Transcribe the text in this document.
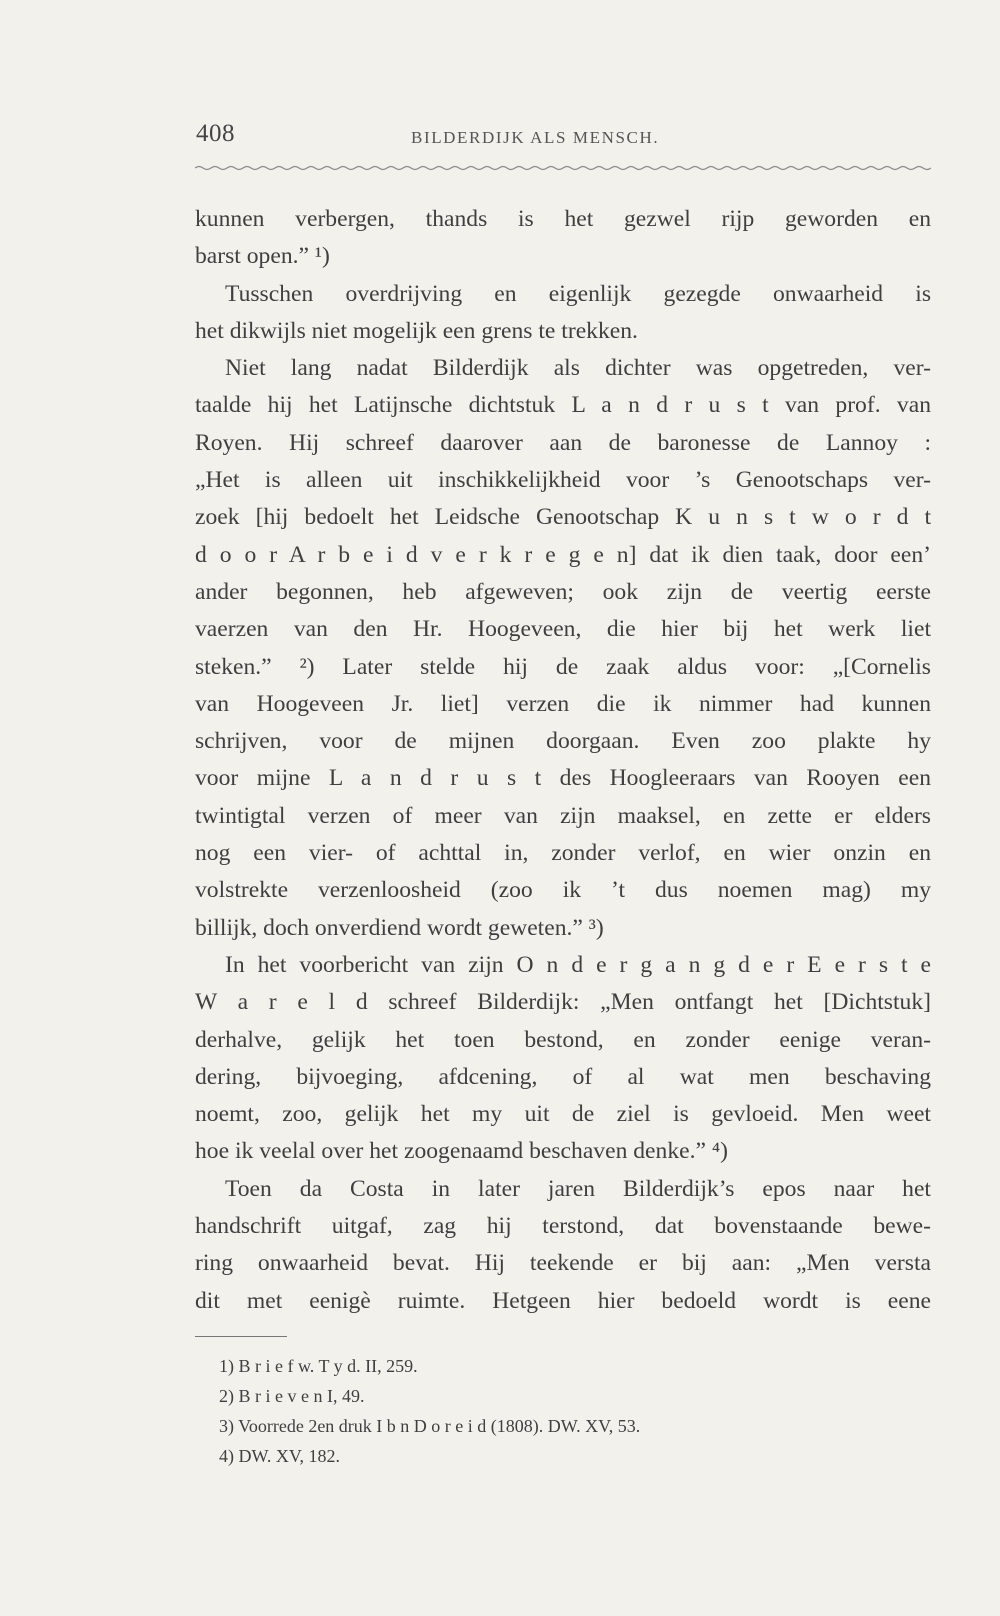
408	BILDERDIJK ALS MENSCH.
kunnen verbergen, thands is het gezwel rijp geworden en
barst open.” ¹)
Tusschen overdrijving en eigenlijk gezegde onwaarheid is
het dikwijls niet mogelijk een grens te trekken.
Niet lang nadat Bilderdijk als dichter was opgetreden, ver-
taalde hij het Latijnsche dichtstuk L a n d r u s t van prof. van
Royen. Hij schreef daarover aan de baronesse de Lannoy :
„Het is alleen uit inschikkelijkheid voor ’s Genootschaps ver-
zoek [hij bedoelt het Leidsche Genootschap K u n s t w o r d t
d o o r A r b e i d v e r k r e g e n] dat ik dien taak, door een’
ander begonnen, heb afgeweven; ook zijn de veertig eerste
vaerzen van den Hr. Hoogeveen, die hier bij het werk liet
steken.” ²) Later stelde hij de zaak aldus voor: „[Cornelis
van Hoogeveen Jr. liet] verzen die ik nimmer had kunnen
schrijven, voor de mijnen doorgaan. Even zoo plakte hy
voor mijne L a n d r u s t des Hoogleeraars van Rooyen een
twintigtal verzen of meer van zijn maaksel, en zette er elders
nog een vier- of achttal in, zonder verlof, en wier onzin en
volstrekte verzenloosheid (zoo ik ’t dus noemen mag) my
billijk, doch onverdiend wordt geweten.” ³)
In het voorbericht van zijn O n d e r g a n g d e r E e r s t e
W a r e l d schreef Bilderdijk: „Men ontfangt het [Dichtstuk]
derhalve, gelijk het toen bestond, en zonder eenige veran-
dering, bijvoeging, afdcening, of al wat men beschaving
noemt, zoo, gelijk het my uit de ziel is gevloeid. Men weet
hoe ik veelal over het zoogenaamd beschaven denke.” ⁴)
Toen da Costa in later jaren Bilderdijk’s epos naar het
handschrift uitgaf, zag hij terstond, dat bovenstaande bewe-
ring onwaarheid bevat. Hij teekende er bij aan: „Men versta
dit met eenigè ruimte. Hetgeen hier bedoeld wordt is eene
1) B r i e f w. T y d. II, 259.
2) B r i e v e n I, 49.
3) Voorrede 2en druk I b n D o r e i d (1808). DW. XV, 53.
4) DW. XV, 182.
